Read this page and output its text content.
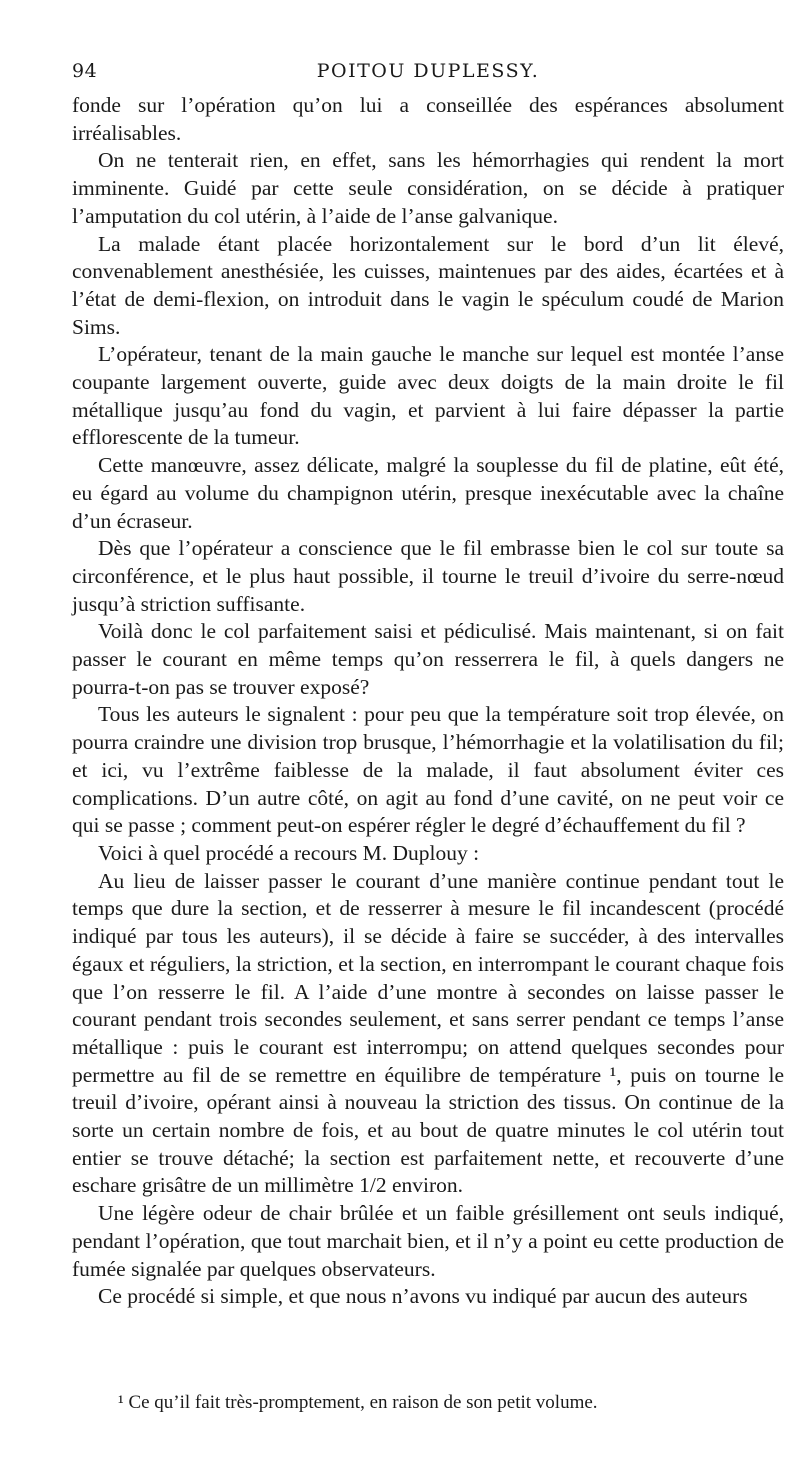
94	POITOU DUPLESSY.

fonde sur l’opération qu’on lui a conseillée des espérances absolument irréalisables.

On ne tenterait rien, en effet, sans les hémorrhagies qui rendent la mort imminente. Guidé par cette seule considération, on se décide à pratiquer l’amputation du col utérin, à l’aide de l’anse galvanique.

La malade étant placée horizontalement sur le bord d’un lit élevé, convenablement anesthésiée, les cuisses, maintenues par des aides, écartées et à l’état de demi-flexion, on introduit dans le vagin le spéculum coudé de Marion Sims.

L’opérateur, tenant de la main gauche le manche sur lequel est montée l’anse coupante largement ouverte, guide avec deux doigts de la main droite le fil métallique jusqu’au fond du vagin, et parvient à lui faire dépasser la partie efflorescente de la tumeur.

Cette manœuvre, assez délicate, malgré la souplesse du fil de platine, eût été, eu égard au volume du champignon utérin, presque inexécutable avec la chaîne d’un écraseur.

Dès que l’opérateur a conscience que le fil embrasse bien le col sur toute sa circonférence, et le plus haut possible, il tourne le treuil d’ivoire du serre-nœud jusqu’à striction suffisante.

Voilà donc le col parfaitement saisi et pédiculisé. Mais maintenant, si on fait passer le courant en même temps qu’on resserrera le fil, à quels dangers ne pourra-t-on pas se trouver exposé?

Tous les auteurs le signalent : pour peu que la température soit trop élevée, on pourra craindre une division trop brusque, l’hémorrhagie et la volatilisation du fil; et ici, vu l’extrême faiblesse de la malade, il faut absolument éviter ces complications. D’un autre côté, on agit au fond d’une cavité, on ne peut voir ce qui se passe ; comment peut-on espérer régler le degré d’échauffement du fil ?

Voici à quel procédé a recours M. Duplouy :

Au lieu de laisser passer le courant d’une manière continue pendant tout le temps que dure la section, et de resserrer à mesure le fil incandescent (procédé indiqué par tous les auteurs), il se décide à faire se succéder, à des intervalles égaux et réguliers, la striction, et la section, en interrompant le courant chaque fois que l’on resserre le fil. A l’aide d’une montre à secondes on laisse passer le courant pendant trois secondes seulement, et sans serrer pendant ce temps l’anse métallique : puis le courant est interrompu; on attend quelques secondes pour permettre au fil de se remettre en équilibre de température ¹, puis on tourne le treuil d’ivoire, opérant ainsi à nouveau la striction des tissus. On continue de la sorte un certain nombre de fois, et au bout de quatre minutes le col utérin tout entier se trouve détaché; la section est parfaitement nette, et recouverte d’une eschare grisâtre de un millimètre 1/2 environ.

Une légère odeur de chair brûlée et un faible grésillement ont seuls indiqué, pendant l’opération, que tout marchait bien, et il n’y a point eu cette production de fumée signalée par quelques observateurs.

Ce procédé si simple, et que nous n’avons vu indiqué par aucun des auteurs

¹ Ce qu’il fait très-promptement, en raison de son petit volume.
